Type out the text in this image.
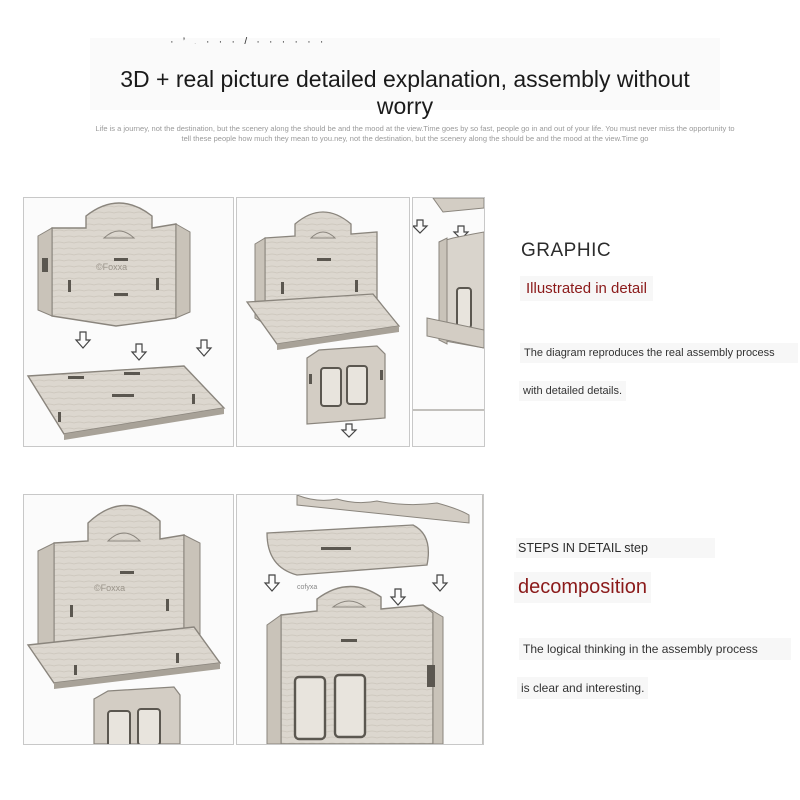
· ’ . · · · / · · · · · ·
3D + real picture detailed explanation, assembly without worry
Life is a journey, not the destination, but the scenery along the should be and the mood at the view.Time goes by so fast, people go in and out of your life. You must never miss the opportunity to tell these people how much they mean to you.ney, not the destination, but the scenery along the should be and the mood at the view.Time go
©Foxxa
©Foxxa	cofyxa
GRAPHIC
Illustrated in detail
The diagram reproduces the real assembly process
with detailed details.
STEPS IN DETAIL step
decomposition
The logical thinking in the assembly process
is clear and interesting.
